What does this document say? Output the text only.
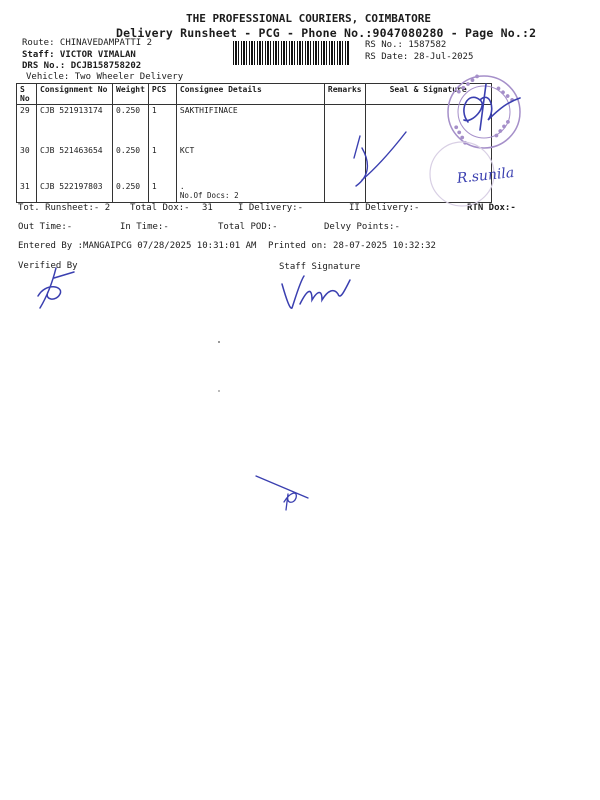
THE PROFESSIONAL COURIERS, COIMBATORE
Delivery Runsheet - PCG - Phone No.:9047080280 - Page No.:2
Route: CHINAVEDAMPATTI 2
Staff: VICTOR VIMALAN
DRS No.: DCJB158758202
Vehicle: Two Wheeler Delivery
RS No.: 1587582
RS Date: 28-Jul-2025
S No	Consignment No	Weight	PCS	Consignee Details	Remarks	Seal & Signature
29	CJB 521913174	0.250	1	SAKTHIFINACE		
30	CJB 521463654	0.250	1	KCT		
31	CJB 522197803	0.250	1	.
No.Of Docs: 2		

Tot. Runsheet:- 2 Total Dox:- 31	I Delivery:-	II Delivery:-	RTN Dox:-
Out Time:-	In Time:-	Total POD:-	Delvy Points:-
Entered By :MANGAIPCG 07/28/2025 10:31:01 AM Printed on: 28-07-2025 10:32:32
Verified By	Staff Signature
● ● ● ● ●	● ● ● ●
● ● ● ●	● ● ● ●
R.sunila
